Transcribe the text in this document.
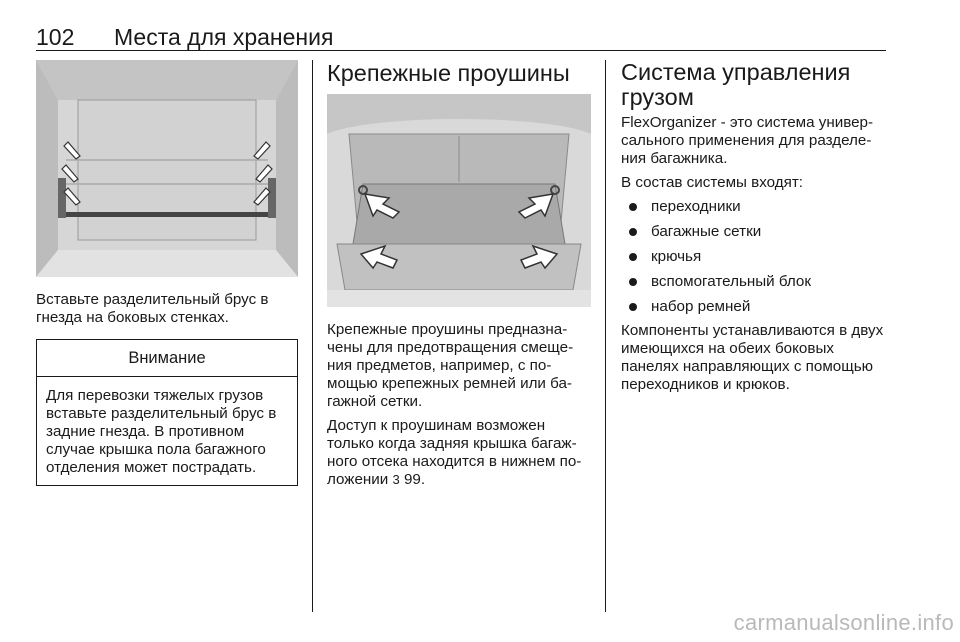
102 Места для хранения

Вставьте разделительный брус в гнезда на боковых стенках.

Внимание
Для перевозки тяжелых грузов вставьте разделительный брус в задние гнезда. В противном случае крышка пола багажного отделения может пострадать.
Крепежные проушины

Крепежные проушины предназна-чены для предотвращения смеще-ния предметов, например, с по-мощью крепежных ремней или ба-гажной сетки.

Доступ к проушинам возможен только когда задняя крышка багаж-ного отсека находится в нижнем по-ложении 3 99.

Система управления грузом

FlexOrganizer - это система универ-сального применения для разделе-ния багажника.

В состав системы входят:

переходники
багажные сетки
крючья
вспомогательный блок
набор ремней

Компоненты устанавливаются в двух имеющихся на обеих боковых панелях направляющих с помощью переходников и крюков.

carmanualsonline.info
